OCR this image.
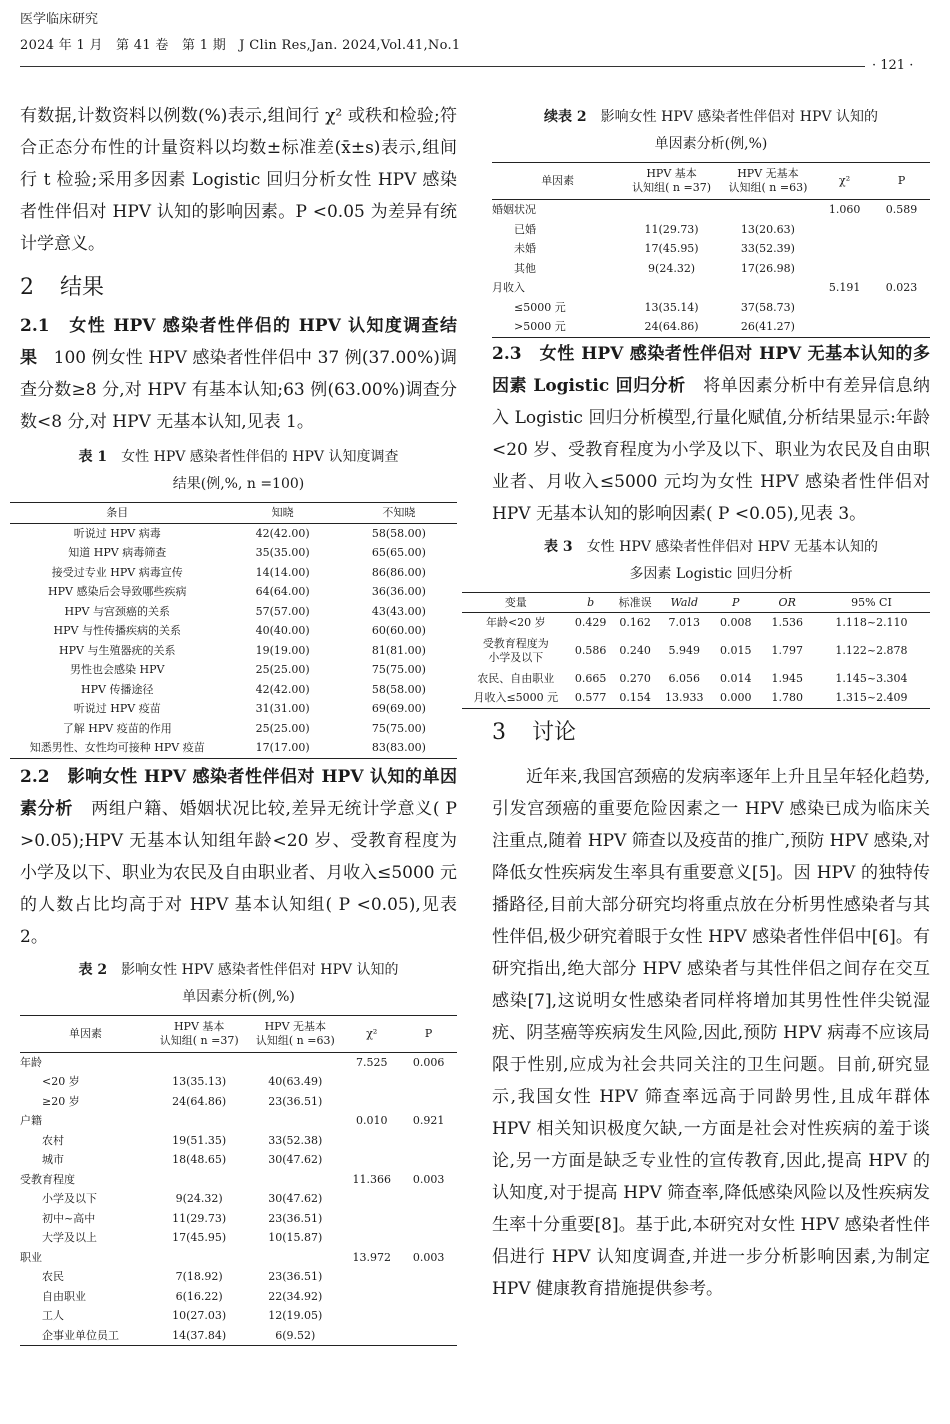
医学临床研究
2024 年 1 月　第 41 卷　第 1 期　J Clin Res,Jan. 2024,Vol.41,No.1
· 121 ·

有数据,计数资料以例数(%)表示,组间行 χ² 或秩和检验;符合正态分布性的计量资料以均数±标准差(x̄±s)表示,组间行 t 检验;采用多因素 Logistic 回归分析女性 HPV 感染者性伴侣对 HPV 认知的影响因素。P <0.05 为差异有统计学意义。

2 结果

2.1　女性 HPV 感染者性伴侣的 HPV 认知度调查结果 100 例女性 HPV 感染者性伴侣中 37 例(37.00%)调查分数≥8 分,对 HPV 有基本认知;63 例(63.00%)调查分数<8 分,对 HPV 无基本认知,见表 1。

表 1 女性 HPV 感染者性伴侣的 HPV 认知度调查
结果(例,%, n =100)
条目	知晓	不知晓
听说过 HPV 病毒	42(42.00)	58(58.00)
知道 HPV 病毒筛查	35(35.00)	65(65.00)
接受过专业 HPV 病毒宣传	14(14.00)	86(86.00)
HPV 感染后会导致哪些疾病	64(64.00)	36(36.00)
HPV 与宫颈癌的关系	57(57.00)	43(43.00)
HPV 与性传播疾病的关系	40(40.00)	60(60.00)
HPV 与生殖器疣的关系	19(19.00)	81(81.00)
男性也会感染 HPV	25(25.00)	75(75.00)
HPV 传播途径	42(42.00)	58(58.00)
听说过 HPV 疫苗	31(31.00)	69(69.00)
了解 HPV 疫苗的作用	25(25.00)	75(75.00)
知悉男性、女性均可接种 HPV 疫苗	17(17.00)	83(83.00)

2.2　影响女性 HPV 感染者性伴侣对 HPV 认知的单因素分析 两组户籍、婚姻状况比较,差异无统计学意义( P >0.05);HPV 无基本认知组年龄<20 岁、受教育程度为小学及以下、职业为农民及自由职业者、月收入≤5000 元的人数占比均高于对 HPV 基本认知组( P <0.05),见表 2。

表 2 影响女性 HPV 感染者性伴侣对 HPV 认知的
单因素分析(例,%)
单因素	HPV 基本
认知组( n =37)	HPV 无基本
认知组( n =63)	χ²	P
年龄			7.525	0.006
<20 岁	13(35.13)	40(63.49)		
≥20 岁	24(64.86)	23(36.51)		
户籍			0.010	0.921
农村	19(51.35)	33(52.38)		
城市	18(48.65)	30(47.62)		
受教育程度			11.366	0.003
小学及以下	9(24.32)	30(47.62)		
初中~高中	11(29.73)	23(36.51)		
大学及以上	17(45.95)	10(15.87)		
职业			13.972	0.003
农民	7(18.92)	23(36.51)		
自由职业	6(16.22)	22(34.92)		
工人	10(27.03)	12(19.05)		
企事业单位员工	14(37.84)	6(9.52)		
续表 2 影响女性 HPV 感染者性伴侣对 HPV 认知的
单因素分析(例,%)
单因素	HPV 基本
认知组( n =37)	HPV 无基本
认知组( n =63)	χ²	P
婚姻状况			1.060	0.589
已婚	11(29.73)	13(20.63)		
未婚	17(45.95)	33(52.39)		
其他	9(24.32)	17(26.98)		
月收入			5.191	0.023
≤5000 元	13(35.14)	37(58.73)		
>5000 元	24(64.86)	26(41.27)		

2.3　女性 HPV 感染者性伴侣对 HPV 无基本认知的多因素 Logistic 回归分析 将单因素分析中有差异信息纳入 Logistic 回归分析模型,行量化赋值,分析结果显示:年龄<20 岁、受教育程度为小学及以下、职业为农民及自由职业者、月收入≤5000 元均为女性 HPV 感染者性伴侣对 HPV 无基本认知的影响因素( P <0.05),见表 3。

表 3 女性 HPV 感染者性伴侣对 HPV 无基本认知的
多因素 Logistic 回归分析
变量	b	标准误	Wald	P	OR	95% CI
年龄<20 岁	0.429	0.162	7.013	0.008	1.536	1.118~2.110
受教育程度为
小学及以下	0.586	0.240	5.949	0.015	1.797	1.122~2.878
农民、自由职业	0.665	0.270	6.056	0.014	1.945	1.145~3.304
月收入≤5000 元	0.577	0.154	13.933	0.000	1.780	1.315~2.409
3 讨论

近年来,我国宫颈癌的发病率逐年上升且呈年轻化趋势,引发宫颈癌的重要危险因素之一 HPV 感染已成为临床关注重点,随着 HPV 筛查以及疫苗的推广,预防 HPV 感染,对降低女性疾病发生率具有重要意义[5]。因 HPV 的独特传播路径,目前大部分研究均将重点放在分析男性感染者与其性伴侣,极少研究着眼于女性 HPV 感染者性伴侣中[6]。有研究指出,绝大部分 HPV 感染者与其性伴侣之间存在交互感染[7],这说明女性感染者同样将增加其男性性伴尖锐湿疣、阴茎癌等疾病发生风险,因此,预防 HPV 病毒不应该局限于性别,应成为社会共同关注的卫生问题。目前,研究显示,我国女性 HPV 筛查率远高于同龄男性,且成年群体 HPV 相关知识极度欠缺,一方面是社会对性疾病的羞于谈论,另一方面是缺乏专业性的宣传教育,因此,提高 HPV 的认知度,对于提高 HPV 筛查率,降低感染风险以及性疾病发生率十分重要[8]。基于此,本研究对女性 HPV 感染者性伴侣进行 HPV 认知度调查,并进一步分析影响因素,为制定 HPV 健康教育措施提供参考。
